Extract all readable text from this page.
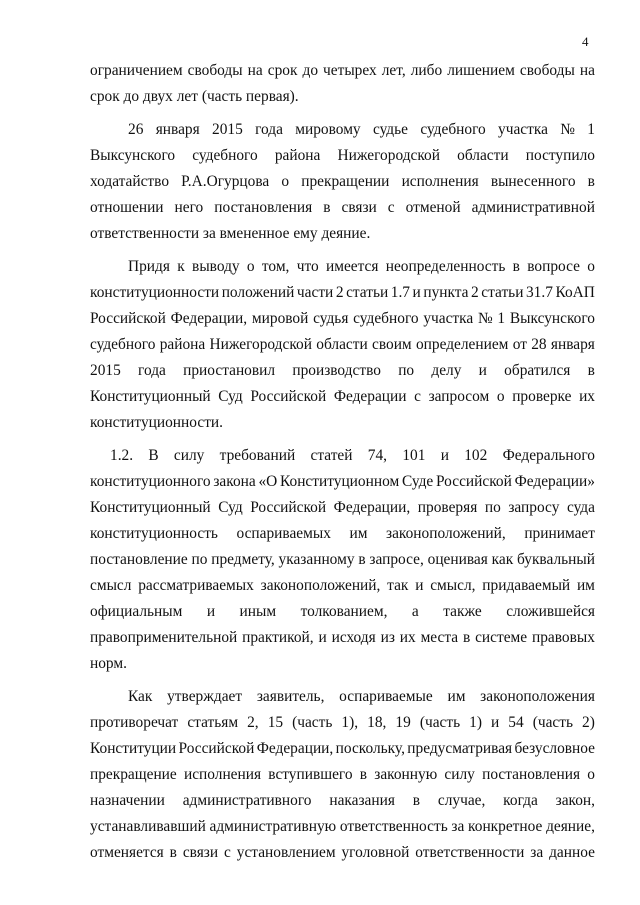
4
ограничением свободы на срок до четырех лет, либо лишением свободы на
срок до двух лет (часть первая).
26 января 2015 года мировому судье судебного участка № 1
Выксунского судебного района Нижегородской области поступило
ходатайство Р.А.Огурцова о прекращении исполнения вынесенного в
отношении него постановления в связи с отменой административной
ответственности за вмененное ему деяние.
Придя к выводу о том, что имеется неопределенность в вопросе о
конституционности положений части 2 статьи 1.7 и пункта 2 статьи 31.7 КоАП
Российской Федерации, мировой судья судебного участка № 1 Выксунского
судебного района Нижегородской области своим определением от 28 января
2015 года приостановил производство по делу и обратился в
Конституционный Суд Российской Федерации с запросом о проверке их
конституционности.
1.2. В силу требований статей 74, 101 и 102 Федерального
конституционного закона «О Конституционном Суде Российской Федерации»
Конституционный Суд Российской Федерации, проверяя по запросу суда
конституционность оспариваемых им законоположений, принимает
постановление по предмету, указанному в запросе, оценивая как буквальный
смысл рассматриваемых законоположений, так и смысл, придаваемый им
официальным и иным толкованием, а также сложившейся
правоприменительной практикой, и исходя из их места в системе правовых
норм.
Как утверждает заявитель, оспариваемые им законоположения
противоречат статьям 2, 15 (часть 1), 18, 19 (часть 1) и 54 (часть 2)
Конституции Российской Федерации, поскольку, предусматривая безусловное
прекращение исполнения вступившего в законную силу постановления о
назначении административного наказания в случае, когда закон,
устанавливавший административную ответственность за конкретное деяние,
отменяется в связи с установлением уголовной ответственности за данное
